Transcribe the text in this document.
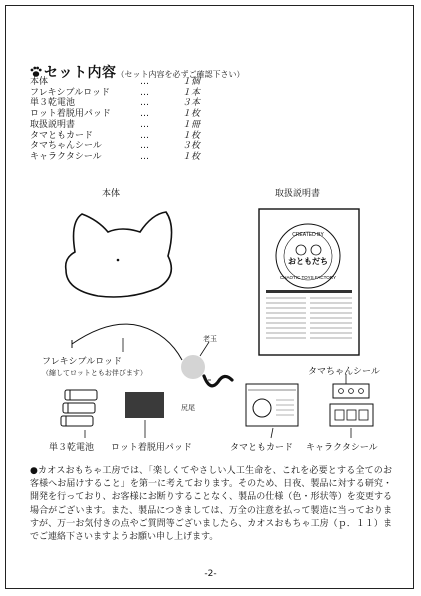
セット内容（セット内容を必ずご確認下さい）
本体	…	１個
フレキシブルロッド	…	１本
単３乾電池	…	３本
ロット着脱用パッド	…	１枚
取扱説明書	…	１冊
タマともカード	…	１枚
タマちゃんシール	…	３枚
キャラクタシール	…	１枚
CREATED BY
おともだち
CHAOTIC TOYS FACTORY
本体	取扱説明書
フレキシブルロッド
（縮してロットともお伴びます）
老玉
尻尾
タマちゃんシール
単３乾電池 ロット着脱用パッド	タマともカード キャラクタシール
●カオスおもちゃ工房では、「楽しくてやさしい人工生命を、これを必要とする全てのお客様へお届けすること」を第一に考えております。そのため、日夜、製品に対する研究・開発を行っており、お客様にお断りすることなく、製品の仕様（色・形状等）を変更する場合がございます。また、製品につきましては、万全の注意を払って製造に当っておりますが、万一お気付きの点やご質問等ございましたら、カオスおもちゃ工房（ｐ．１１）までご連絡下さいますようお願い申し上げます。
-2-
